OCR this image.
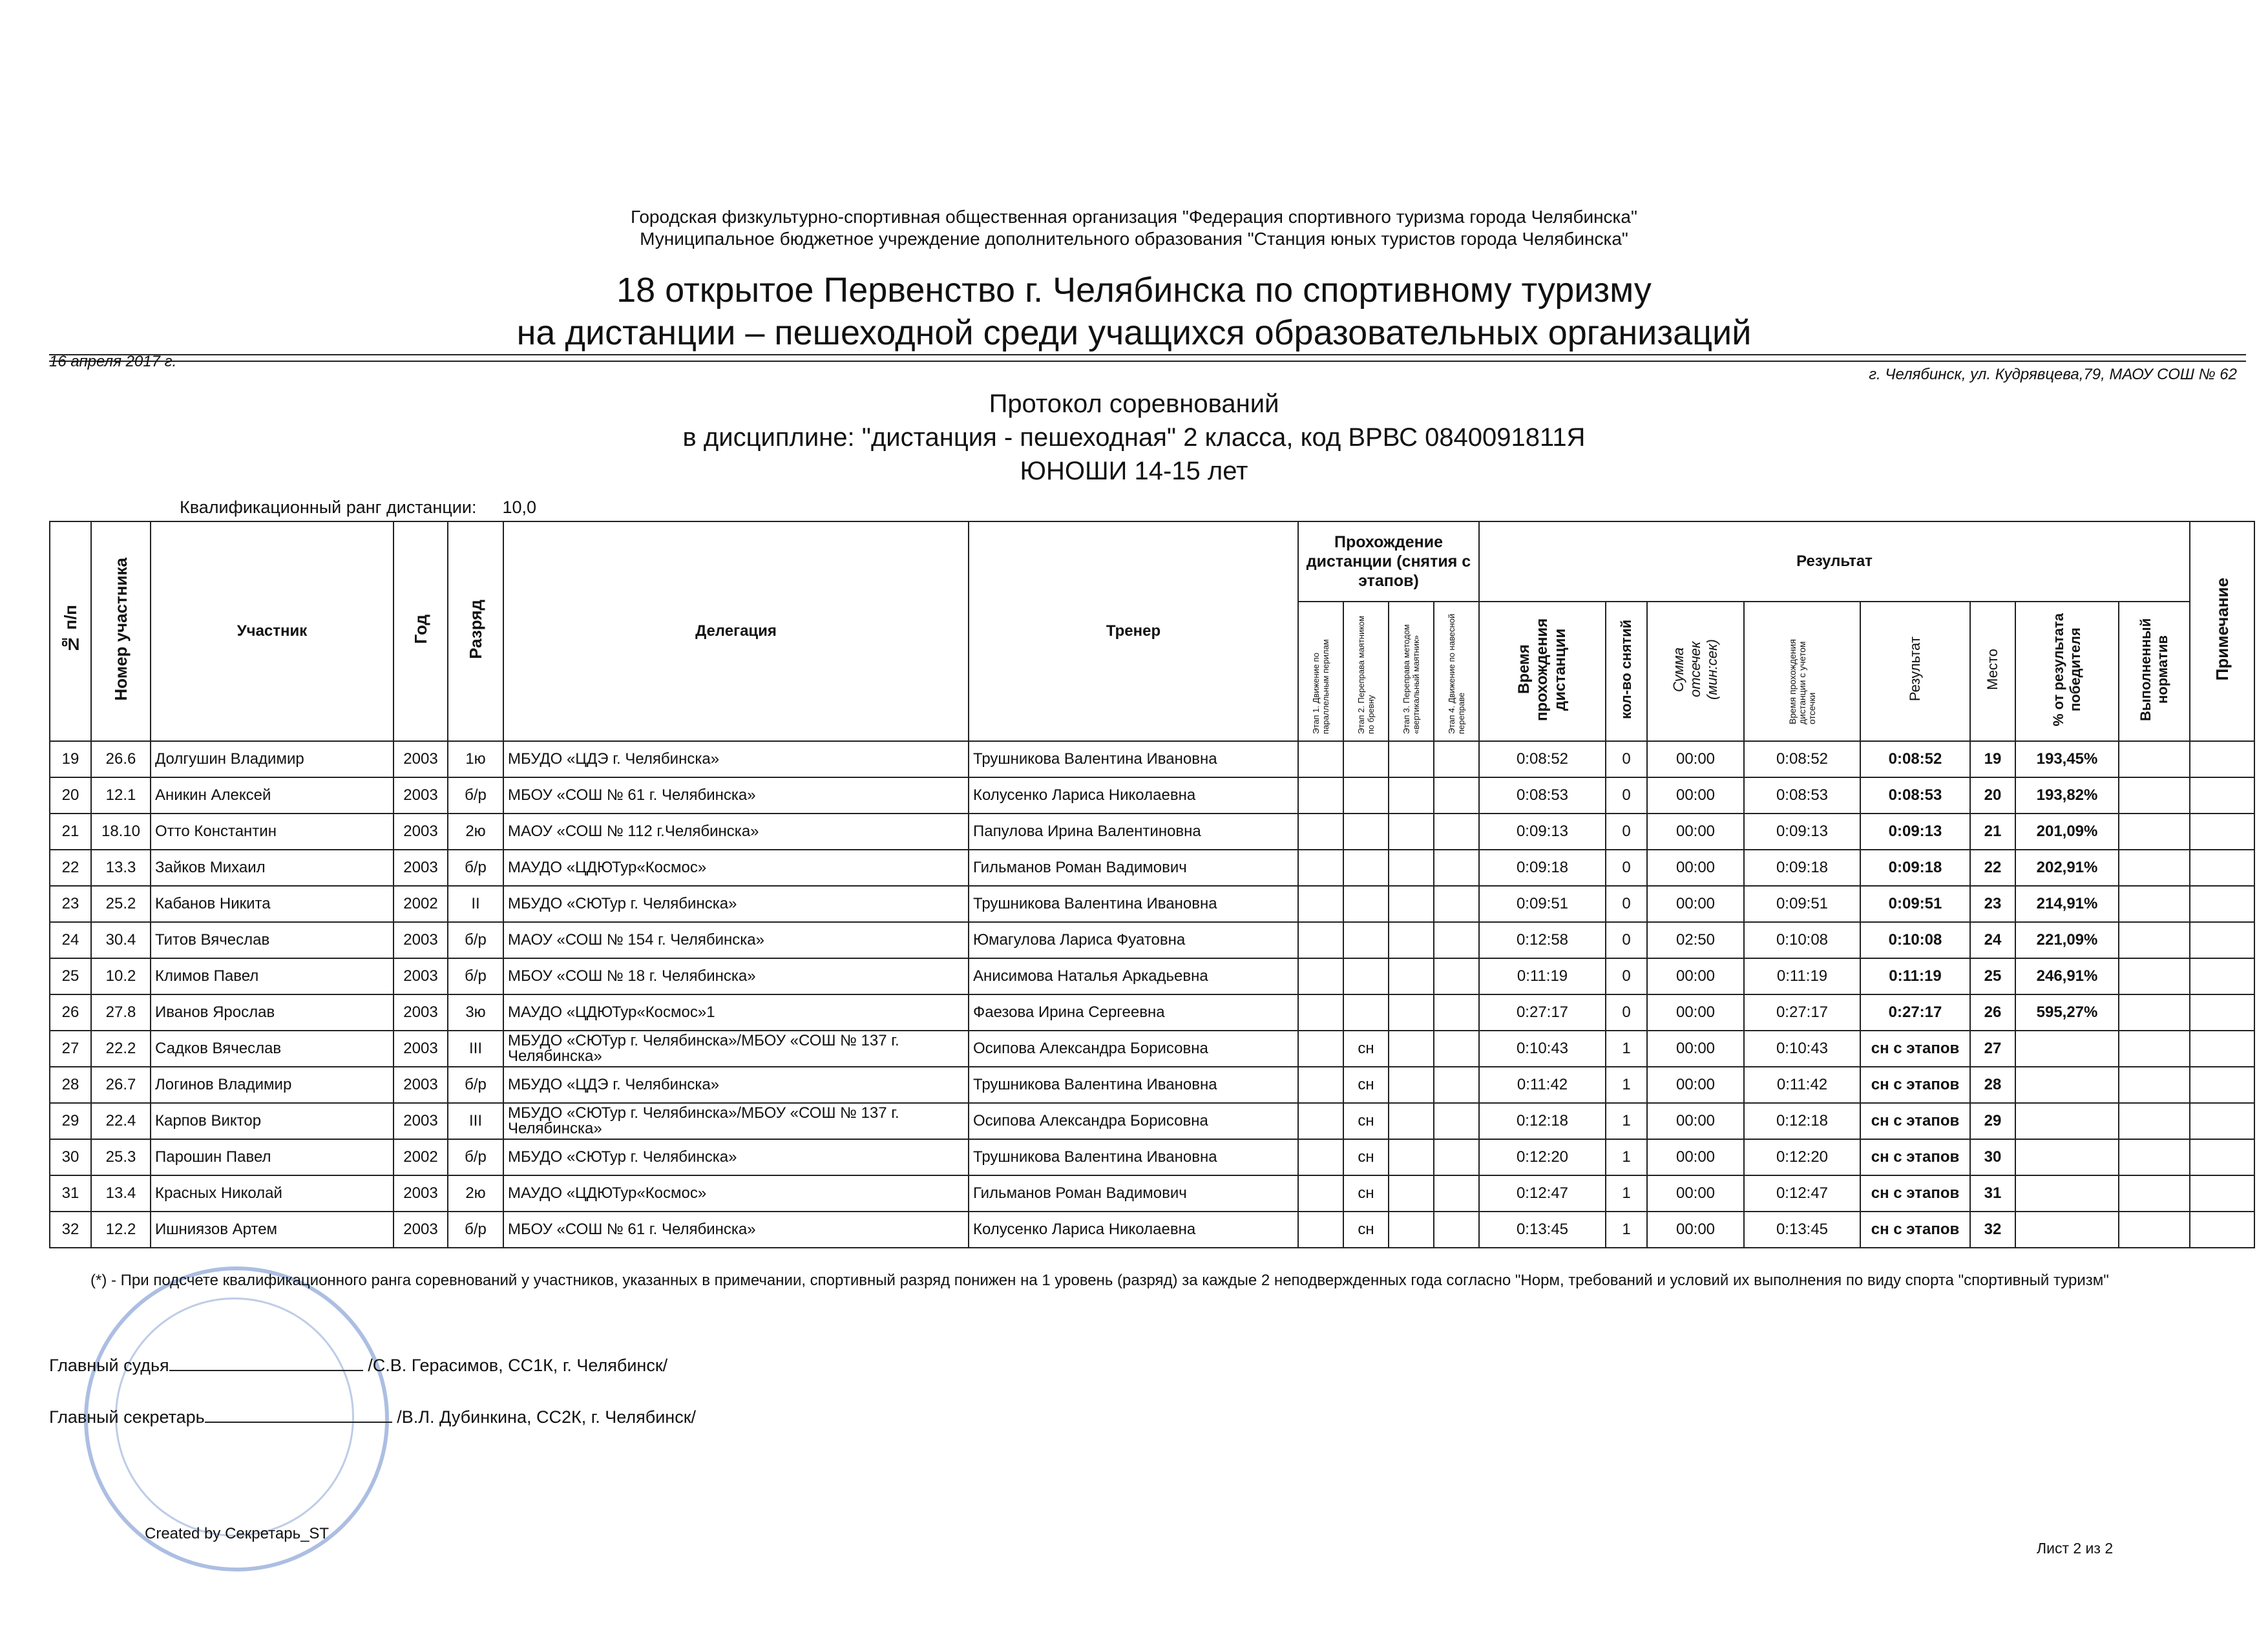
Городская физкультурно-спортивная общественная организация "Федерация спортивного туризма города Челябинска"
Муниципальное бюджетное учреждение дополнительного образования "Станция юных туристов города Челябинска"
18 открытое Первенство г. Челябинска по спортивному туризму
на дистанции – пешеходной среди учащихся образовательных организаций
16 апреля 2017 г.
г. Челябинск, ул. Кудрявцева,79, МАОУ СОШ № 62
Протокол соревнований
в дисциплине: "дистанция - пешеходная" 2 класса, код ВРВС 0840091811Я
ЮНОШИ 14-15 лет
Квалификационный ранг дистанции: 10,0
№ п/п	Номер участника	Участник	Год	Разряд	Делегация	Тренер	Прохождение дистанции (снятия с этапов)				Результат								Примечание
							Этап 1. Движение по параллельным перилам	Этап 2. Переправа маятником по бревну	Этап 3. Переправа методом «вертикальный маятник»	Этап 4. Движение по навесной переправе	Время прохождения дистанции	кол-во снятий	Сумма отсечек (мин:сек)	Время прохождения дистанции с учетом отсечки	Результат	Место	% от результата победителя	Выполненный норматив	
19	26.6	Долгушин Владимир	2003	1ю	МБУДО «ЦДЭ г. Челябинска»	Трушникова Валентина Ивановна					0:08:52	0	00:00	0:08:52	0:08:52	19	193,45%		
20	12.1	Аникин Алексей	2003	б/р	МБОУ «СОШ № 61 г. Челябинска»	Колусенко Лариса Николаевна					0:08:53	0	00:00	0:08:53	0:08:53	20	193,82%		
21	18.10	Отто Константин	2003	2ю	МАОУ «СОШ № 112 г.Челябинска»	Папулова Ирина Валентиновна					0:09:13	0	00:00	0:09:13	0:09:13	21	201,09%		
22	13.3	Зайков Михаил	2003	б/р	МАУДО «ЦДЮТур«Космос»	Гильманов Роман Вадимович					0:09:18	0	00:00	0:09:18	0:09:18	22	202,91%		
23	25.2	Кабанов Никита	2002	II	МБУДО «СЮТур г. Челябинска»	Трушникова Валентина Ивановна					0:09:51	0	00:00	0:09:51	0:09:51	23	214,91%		
24	30.4	Титов Вячеслав	2003	б/р	МАОУ «СОШ № 154 г. Челябинска»	Юмагулова Лариса Фуатовна					0:12:58	0	02:50	0:10:08	0:10:08	24	221,09%		
25	10.2	Климов Павел	2003	б/р	МБОУ «СОШ № 18 г. Челябинска»	Анисимова Наталья Аркадьевна					0:11:19	0	00:00	0:11:19	0:11:19	25	246,91%		
26	27.8	Иванов Ярослав	2003	3ю	МАУДО «ЦДЮТур«Космос»1	Фаезова Ирина Сергеевна					0:27:17	0	00:00	0:27:17	0:27:17	26	595,27%		
27	22.2	Садков Вячеслав	2003	III	МБУДО «СЮТур г. Челябинска»/МБОУ «СОШ № 137 г. Челябинска»	Осипова Александра Борисовна		сн			0:10:43	1	00:00	0:10:43	сн с этапов	27			
28	26.7	Логинов Владимир	2003	б/р	МБУДО «ЦДЭ г. Челябинска»	Трушникова Валентина Ивановна		сн			0:11:42	1	00:00	0:11:42	сн с этапов	28			
29	22.4	Карпов Виктор	2003	III	МБУДО «СЮТур г. Челябинска»/МБОУ «СОШ № 137 г. Челябинска»	Осипова Александра Борисовна		сн			0:12:18	1	00:00	0:12:18	сн с этапов	29			
30	25.3	Парошин Павел	2002	б/р	МБУДО «СЮТур г. Челябинска»	Трушникова Валентина Ивановна		сн			0:12:20	1	00:00	0:12:20	сн с этапов	30			
31	13.4	Красных Николай	2003	2ю	МАУДО «ЦДЮТур«Космос»	Гильманов Роман Вадимович		сн			0:12:47	1	00:00	0:12:47	сн с этапов	31			
32	12.2	Ишниязов Артем	2003	б/р	МБОУ «СОШ № 61 г. Челябинска»	Колусенко Лариса Николаевна		сн			0:13:45	1	00:00	0:13:45	сн с этапов	32			
(*) - При подсчете квалификационного ранга соревнований у участников, указанных в примечании, спортивный разряд понижен на 1 уровень (разряд) за каждые 2 неподвержденных года согласно "Норм, требований и условий их выполнения по виду спорта "спортивный туризм"
Главный судья	/С.В. Герасимов, СС1К, г. Челябинск/
Главный секретарь	/В.Л. Дубинкина, СС2К, г. Челябинск/
Created by Секретарь_ST
Лист 2 из 2
